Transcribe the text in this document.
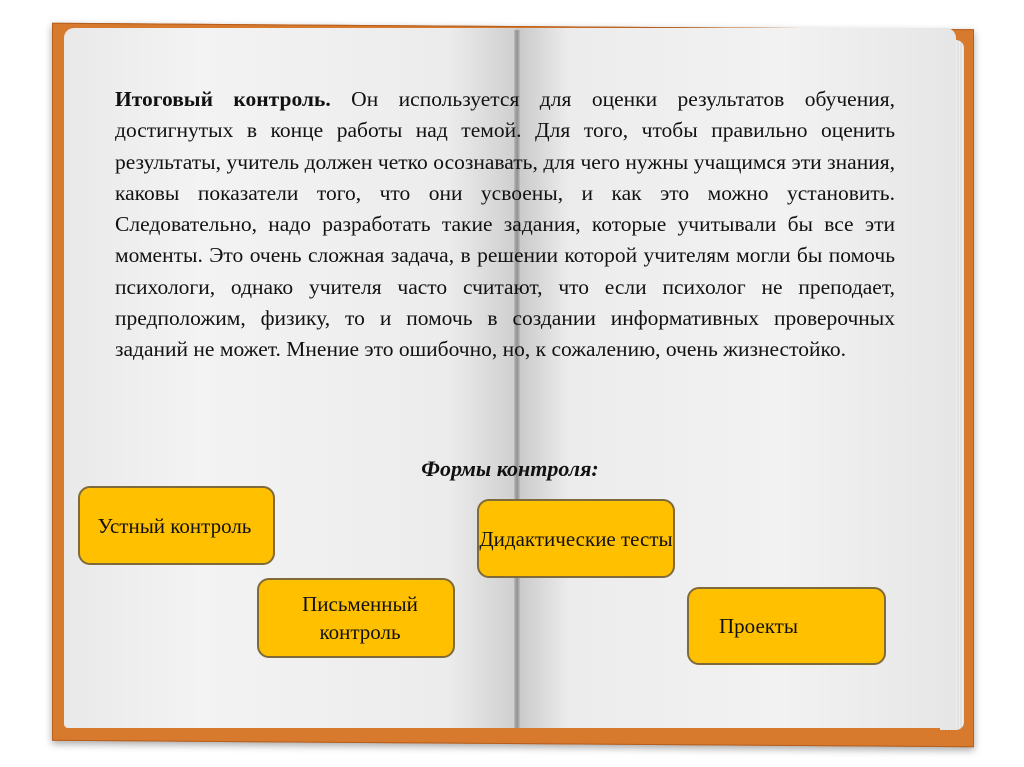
Итоговый контроль. Он используется для оценки результатов обучения, достигнутых в конце работы над темой. Для того, чтобы правильно оценить результаты, учитель должен четко осознавать, для чего нужны учащимся эти знания, каковы показатели того, что они усвоены, и как это можно установить. Следовательно, надо разработать такие задания, которые учитывали бы все эти моменты. Это очень сложная задача, в решении которой учителям могли бы помочь психологи, однако учителя часто считают, что если психолог не преподает, предположим, физику, то и помочь в создании информативных проверочных заданий не может. Мнение это ошибочно, но, к сожалению, очень жизнестойко.
Формы контроля:
Устный контроль
Дидактические тесты
Письменный контроль	Проекты
